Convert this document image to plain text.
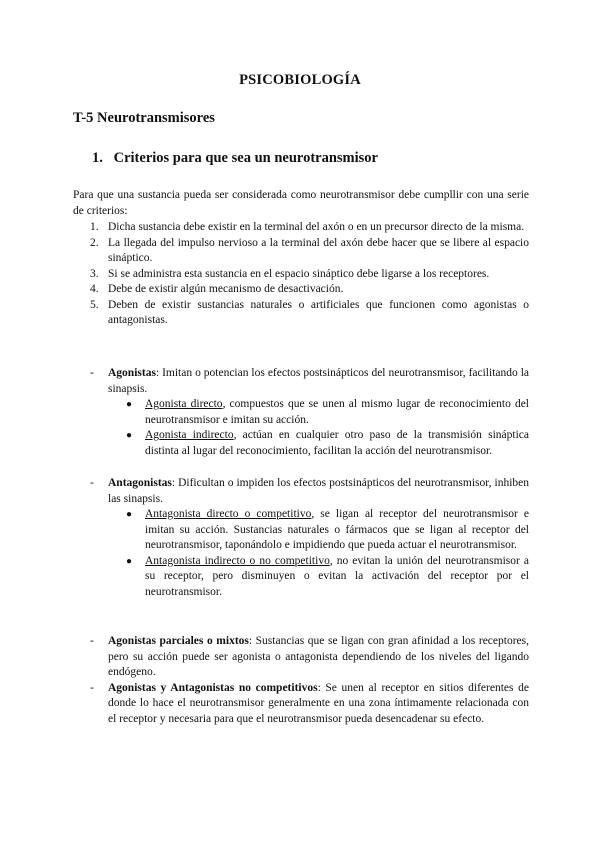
PSICOBIOLOGÍA
T-5 Neurotransmisores
1. Criterios para que sea un neurotransmisor

Para que una sustancia pueda ser considerada como neurotransmisor debe cumpllir con una serie de criterios:

1. Dicha sustancia debe existir en la terminal del axón o en un precursor directo de la misma.
2. La llegada del impulso nervioso a la terminal del axón debe hacer que se libere al espacio sináptico.
3. Si se administra esta sustancia en el espacio sináptico debe ligarse a los receptores.
4. Debe de existir algún mecanismo de desactivación.
5. Deben de existir sustancias naturales o artificiales que funcionen como agonistas o antagonistas.
- Agonistas: Imitan o potencian los efectos postsinápticos del neurotransmisor, facilitando la sinapsis.
● Agonista directo, compuestos que se unen al mismo lugar de reconocimiento del neurotransmisor e imitan su acción.
● Agonista indirecto, actúan en cualquier otro paso de la transmisión sináptica distinta al lugar del reconocimiento, facilitan la acción del neurotransmisor.
- Antagonistas: Dificultan o impiden los efectos postsinápticos del neurotransmisor, inhiben las sinapsis.
● Antagonista directo o competitivo, se ligan al receptor del neurotransmisor e imitan su acción. Sustancias naturales o fármacos que se ligan al receptor del neurotransmisor, taponándolo e impidiendo que pueda actuar el neurotransmisor.
● Antagonista indirecto o no competitivo, no evitan la unión del neurotransmisor a su receptor, pero disminuyen o evitan la activación del receptor por el neurotransmisor.
- Agonistas parciales o mixtos: Sustancias que se ligan con gran afinidad a los receptores, pero su acción puede ser agonista o antagonista dependiendo de los niveles del ligando endógeno.
- Agonistas y Antagonistas no competitivos: Se unen al receptor en sitios diferentes de donde lo hace el neurotransmisor generalmente en una zona íntimamente relacionada con el receptor y necesaria para que el neurotransmisor pueda desencadenar su efecto.
